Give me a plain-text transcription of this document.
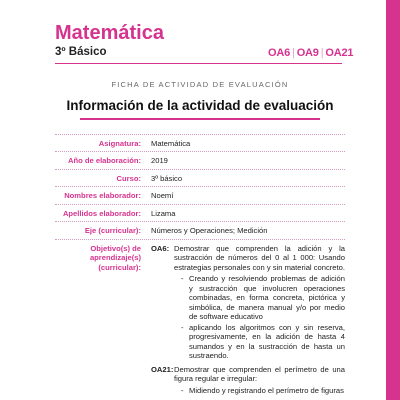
Matemática
3º Básico	OA6 | OA9 | OA21
FICHA DE ACTIVIDAD DE EVALUACIÓN
Información de la actividad de evaluación
Asignatura:	Matemática
Año de elaboración:	2019
Curso:	3º básico
Nombres elaborador:	Noemí
Apellidos elaborador:	Lizama
Eje (curricular):	Números y Operaciones; Medición
Objetivo(s) de aprendizaje(s) (curricular):
OA6: Demostrar que comprenden la adición y la sustracción de números del 0 al 1 000: Usando estrategias personales con y sin material concreto.
- Creando y resolviendo problemas de adición y sustracción que involucren operaciones combinadas, en forma concreta, pictórica y simbólica, de manera manual y/o por medio de software educativo
- aplicando los algoritmos con y sin reserva, progresivamente, en la adición de hasta 4 sumandos y en la sustracción de hasta un sustraendo.
OA21: Demostrar que comprenden el perímetro de una figura regular e irregular:
- Midiendo y registrando el perímetro de figuras
